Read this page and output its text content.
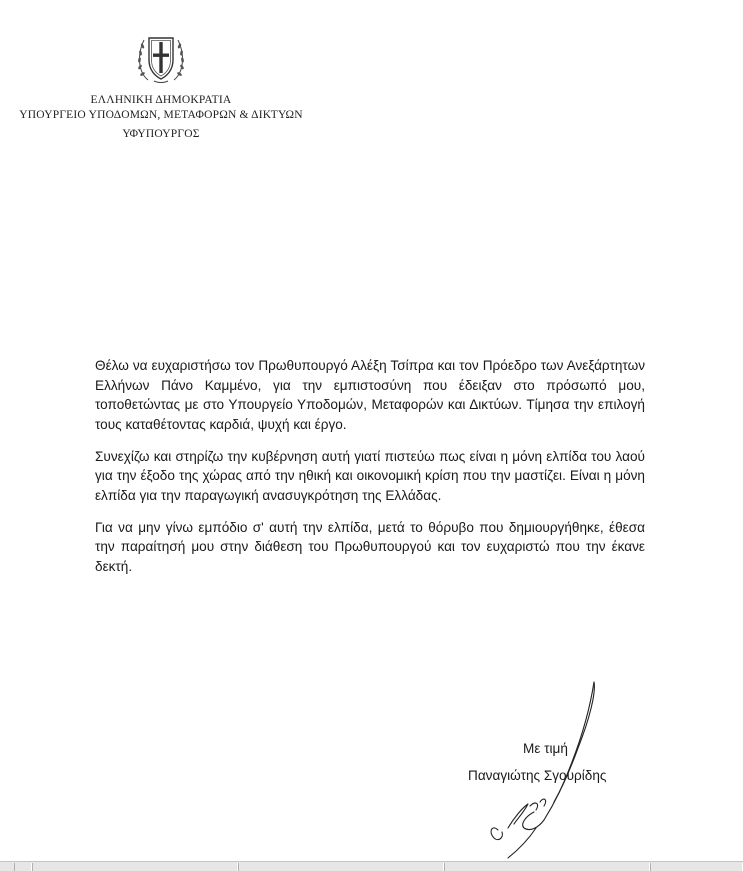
ΕΛΛΗΝΙΚΗ ΔΗΜΟΚΡΑΤΙΑ
ΥΠΟΥΡΓΕΙΟ ΥΠΟΔΟΜΩΝ, ΜΕΤΑΦΟΡΩΝ & ΔΙΚΤΥΩΝ
ΥΦΥΠΟΥΡΓΟΣ

Θέλω να ευχαριστήσω τον Πρωθυπουργό Αλέξη Τσίπρα και τον Πρόεδρο των Ανεξάρτητων Ελλήνων Πάνο Καμμένο, για την εμπιστοσύνη που έδειξαν στο πρόσωπό μου, τοποθετώντας με στο Υπουργείο Υποδομών, Μεταφορών και Δικτύων. Τίμησα την επιλογή τους καταθέτοντας καρδιά, ψυχή και έργο.

Συνεχίζω και στηρίζω την κυβέρνηση αυτή γιατί πιστεύω πως είναι η μόνη ελπίδα του λαού για την έξοδο της χώρας από την ηθική και οικονομική κρίση που την μαστίζει. Είναι η μόνη ελπίδα για την παραγωγική ανασυγκρότηση της Ελλάδας.

Για να μην γίνω εμπόδιο σ' αυτή την ελπίδα, μετά το θόρυβο που δημιουργήθηκε, έθεσα την παραίτησή μου στην διάθεση του Πρωθυπουργού και τον ευχαριστώ που την έκανε δεκτή.

Με τιμή
Παναγιώτης Σγουρίδης
